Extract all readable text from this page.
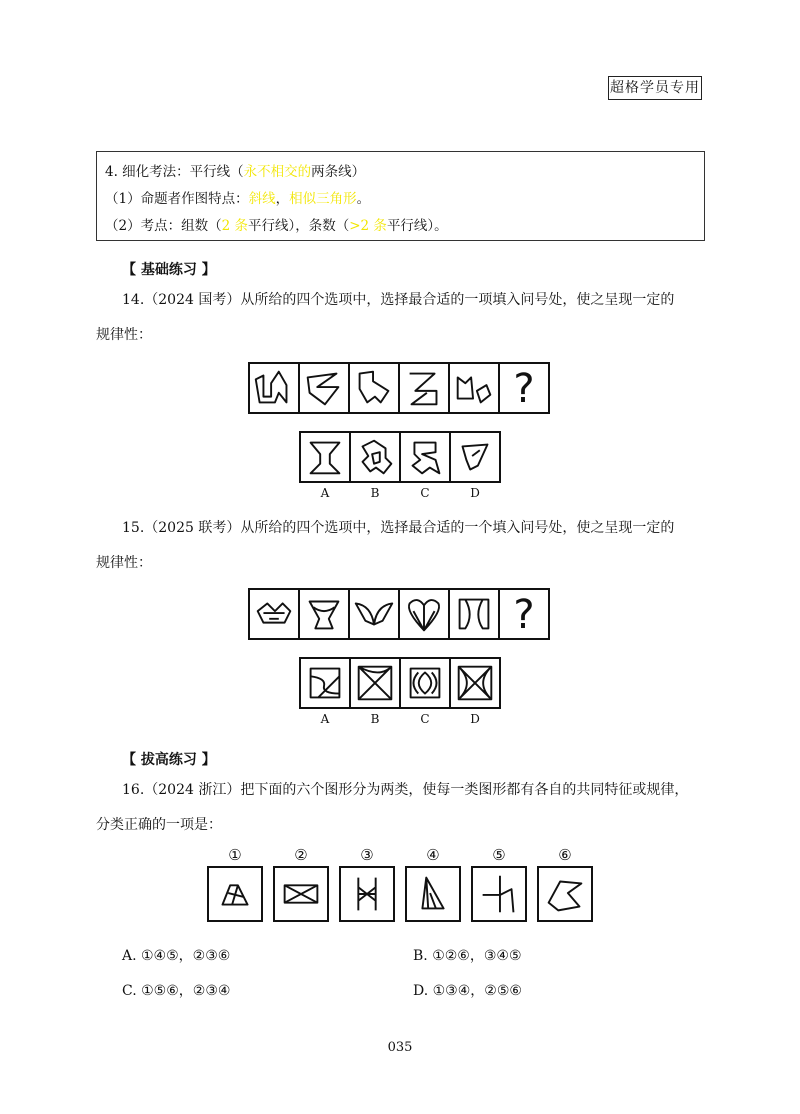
超格学员专用
4. 细化考法：平行线（永不相交的两条线）
（1）命题者作图特点：斜线，相似三角形。
（2）考点：组数（2 条平行线），条数（>2 条平行线）。
【 基础练习 】
14.（2024 国考）从所给的四个选项中，选择最合适的一项填入问号处，使之呈现一定的
规律性：
?
A	B	C	D
15.（2025 联考）从所给的四个选项中，选择最合适的一个填入问号处，使之呈现一定的
规律性：
?
A	B	C	D
【 拔高练习 】
16.（2024 浙江）把下面的六个图形分为两类，使每一类图形都有各自的共同特征或规律，
分类正确的一项是：
①	②	③	④	⑤	⑥
A. ①④⑤，②③⑥	B. ①②⑥，③④⑤
C. ①⑤⑥，②③④	D. ①③④，②⑤⑥
035
